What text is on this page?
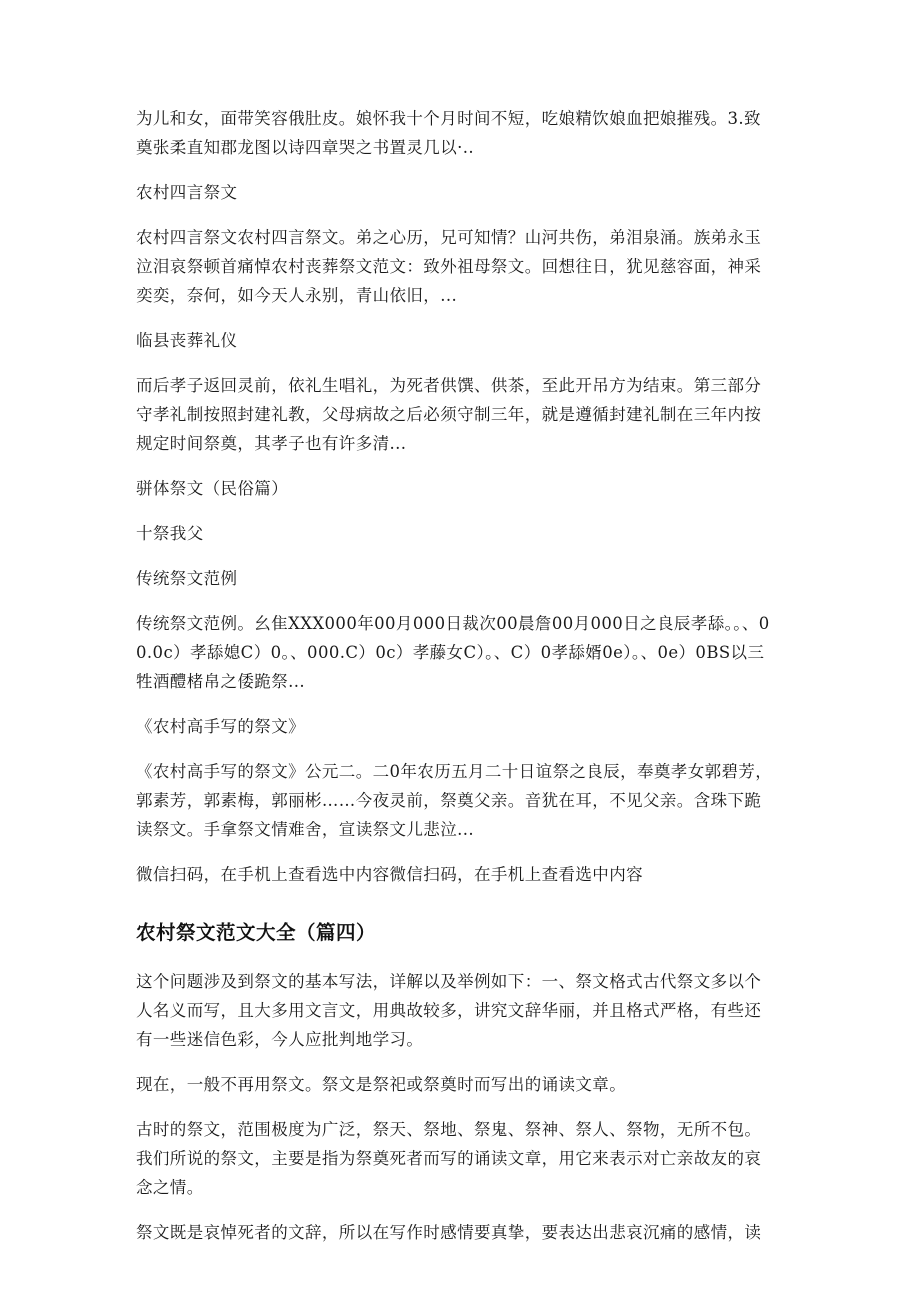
为儿和女，面带笑容俄肚皮。娘怀我十个月时间不短，吃娘精饮娘血把娘摧残。3.致奠张柔直知郡龙图以诗四章哭之书置灵几以·..

农村四言祭文

农村四言祭文农村四言祭文。弟之心历，兄可知情？山河共伤，弟泪泉涌。族弟永玉泣泪哀祭顿首痛悼农村丧葬祭文范文：致外祖母祭文。回想往日，犹见慈容面，神采奕奕，奈何，如今天人永别，青山依旧，...

临县丧葬礼仪

而后孝子返回灵前，依礼生唱礼，为死者供馔、供茶，至此开吊方为结束。第三部分守孝礼制按照封建礼教，父母病故之后必须守制三年，就是遵循封建礼制在三年内按规定时间祭奠，其孝子也有许多清...

骈体祭文（民俗篇）

十祭我父

传统祭文范例

传统祭文范例。幺隹XXX000年00月000日裁次00晨詹00月000日之良辰孝舔。。、00.0c）孝舔媳C）0。、000.C）0c）孝藤女C）。、C）0孝舔婿0e）。、0e）0BS以三牲酒醴楮帛之倭跪祭...

《农村高手写的祭文》

《农村高手写的祭文》公元二。二0年农历五月二十日谊祭之良辰，奉奠孝女郭碧芳，郭素芳，郭素梅，郭丽彬……今夜灵前，祭奠父亲。音犹在耳，不见父亲。含珠下跪读祭文。手拿祭文情难舍，宣读祭文儿悲泣...

微信扫码，在手机上查看选中内容微信扫码，在手机上查看选中内容

农村祭文范文大全（篇四）

这个问题涉及到祭文的基本写法，详解以及举例如下：一、祭文格式古代祭文多以个人名义而写，且大多用文言文，用典故较多，讲究文辞华丽，并且格式严格，有些还有一些迷信色彩，今人应批判地学习。

现在，一般不再用祭文。祭文是祭祀或祭奠时而写出的诵读文章。

古时的祭文，范围极度为广泛，祭天、祭地、祭鬼、祭神、祭人、祭物，无所不包。我们所说的祭文，主要是指为祭奠死者而写的诵读文章，用它来表示对亡亲故友的哀念之情。

祭文既是哀悼死者的文辞，所以在写作时感情要真挚，要表达出悲哀沉痛的感情，读
